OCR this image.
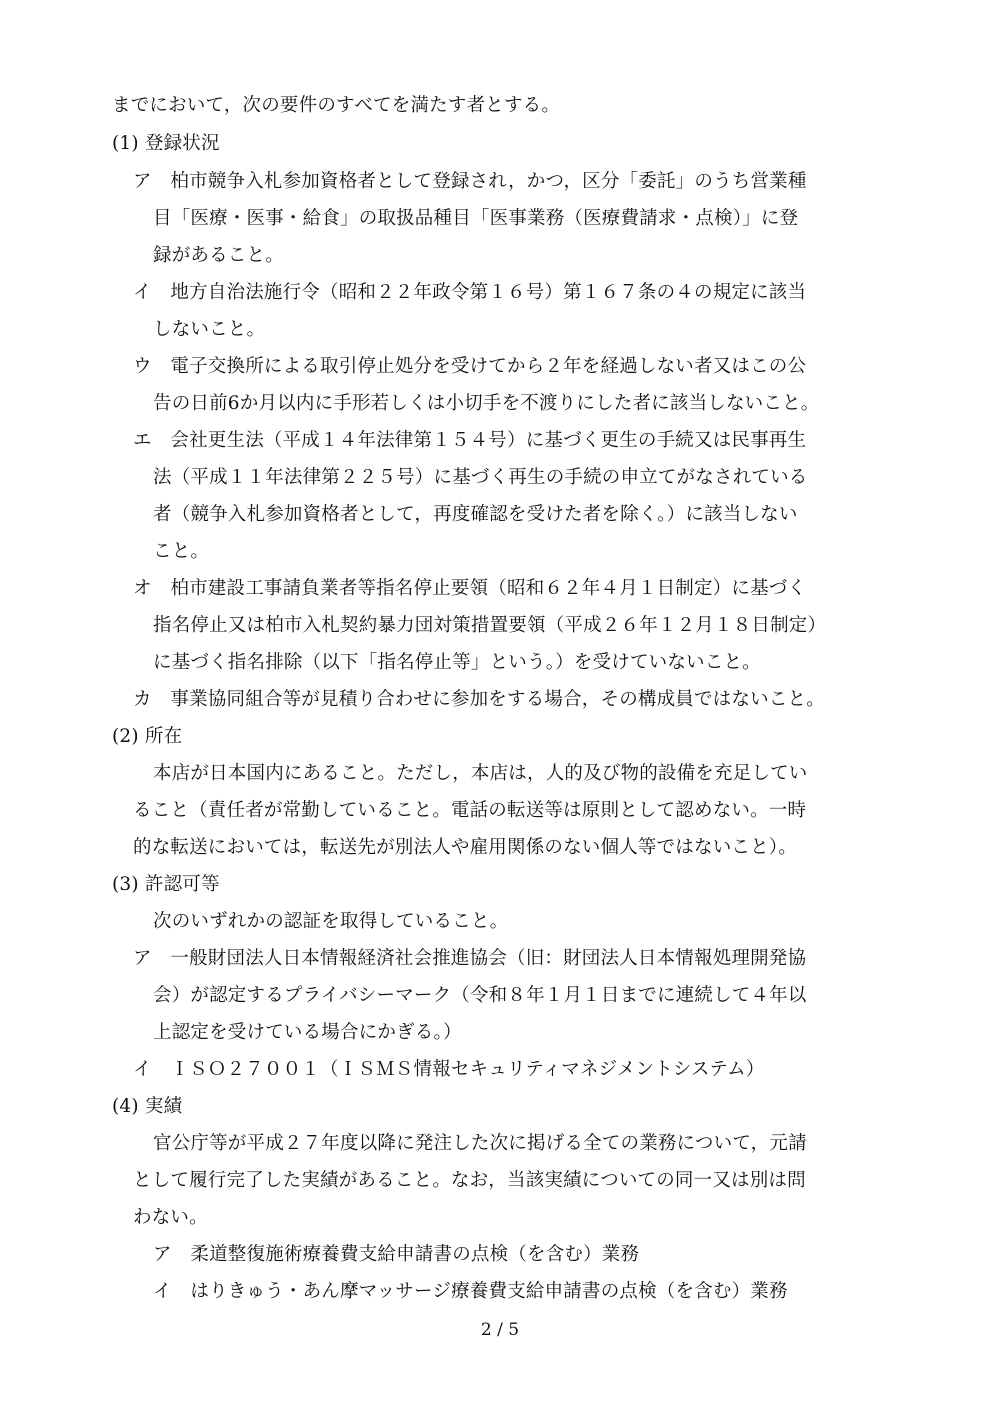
までにおいて，次の要件のすべてを満たす者とする。
(1) 登録状況
ア　柏市競争入札参加資格者として登録され，かつ，区分「委託」のうち営業種
目「医療・医事・給食」の取扱品種目「医事業務（医療費請求・点検）」に登
録があること。
イ　地方自治法施行令（昭和２２年政令第１６号）第１６７条の４の規定に該当
しないこと。
ウ　電子交換所による取引停止処分を受けてから２年を経過しない者又はこの公
告の日前6か月以内に手形若しくは小切手を不渡りにした者に該当しないこと。
エ　会社更生法（平成１４年法律第１５４号）に基づく更生の手続又は民事再生
法（平成１１年法律第２２５号）に基づく再生の手続の申立てがなされている
者（競争入札参加資格者として，再度確認を受けた者を除く。）に該当しない
こと。
オ　柏市建設工事請負業者等指名停止要領（昭和６２年４月１日制定）に基づく
指名停止又は柏市入札契約暴力団対策措置要領（平成２６年１２月１８日制定）
に基づく指名排除（以下「指名停止等」という。）を受けていないこと。
カ　事業協同組合等が見積り合わせに参加をする場合，その構成員ではないこと。
(2) 所在
本店が日本国内にあること。ただし，本店は，人的及び物的設備を充足してい
ること（責任者が常勤していること。電話の転送等は原則として認めない。一時
的な転送においては，転送先が別法人や雇用関係のない個人等ではないこと）。
(3) 許認可等
次のいずれかの認証を取得していること。
ア　一般財団法人日本情報経済社会推進協会（旧：財団法人日本情報処理開発協
会）が認定するプライバシーマーク（令和８年１月１日までに連続して４年以
上認定を受けている場合にかぎる。）
イ　ＩＳＯ２７００１（ＩＳＭＳ情報セキュリティマネジメントシステム）
(4) 実績
官公庁等が平成２７年度以降に発注した次に掲げる全ての業務について，元請
として履行完了した実績があること。なお，当該実績についての同一又は別は問
わない。
ア　柔道整復施術療養費支給申請書の点検（を含む）業務
イ　はりきゅう・あん摩マッサージ療養費支給申請書の点検（を含む）業務
2 / 5
